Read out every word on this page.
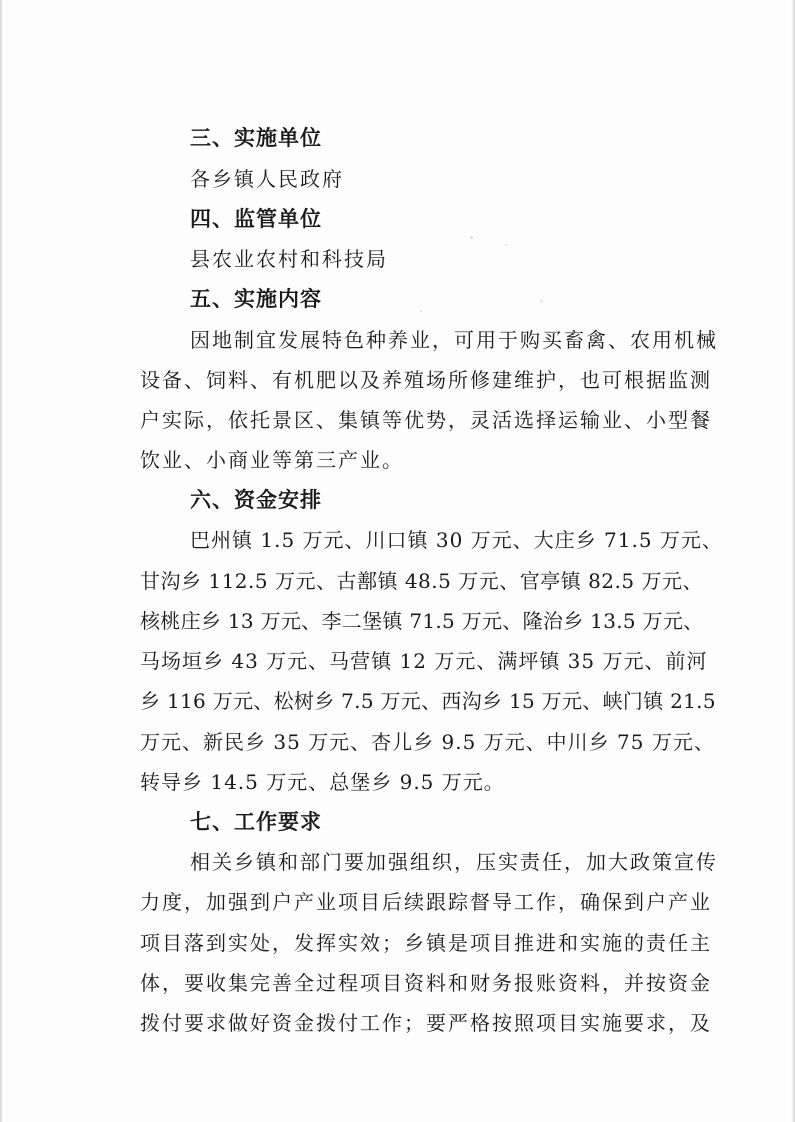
三、实施单位
各乡镇人民政府
四、监管单位
县农业农村和科技局
五、实施内容
因地制宜发展特色种养业，可用于购买畜禽、农用机械
设备、饲料、有机肥以及养殖场所修建维护，也可根据监测
户实际，依托景区、集镇等优势，灵活选择运输业、小型餐
饮业、小商业等第三产业。
六、资金安排
巴州镇 1.5 万元、川口镇 30 万元、大庄乡 71.5 万元、
甘沟乡 112.5 万元、古鄯镇 48.5 万元、官亭镇 82.5 万元、
核桃庄乡 13 万元、李二堡镇 71.5 万元、隆治乡 13.5 万元、
马场垣乡 43 万元、马营镇 12 万元、满坪镇 35 万元、前河
乡 116 万元、松树乡 7.5 万元、西沟乡 15 万元、峡门镇 21.5
万元、新民乡 35 万元、杏儿乡 9.5 万元、中川乡 75 万元、
转导乡 14.5 万元、总堡乡 9.5 万元。
七、工作要求
相关乡镇和部门要加强组织，压实责任，加大政策宣传
力度，加强到户产业项目后续跟踪督导工作，确保到户产业
项目落到实处，发挥实效；乡镇是项目推进和实施的责任主
体，要收集完善全过程项目资料和财务报账资料，并按资金
拨付要求做好资金拨付工作；要严格按照项目实施要求，及
